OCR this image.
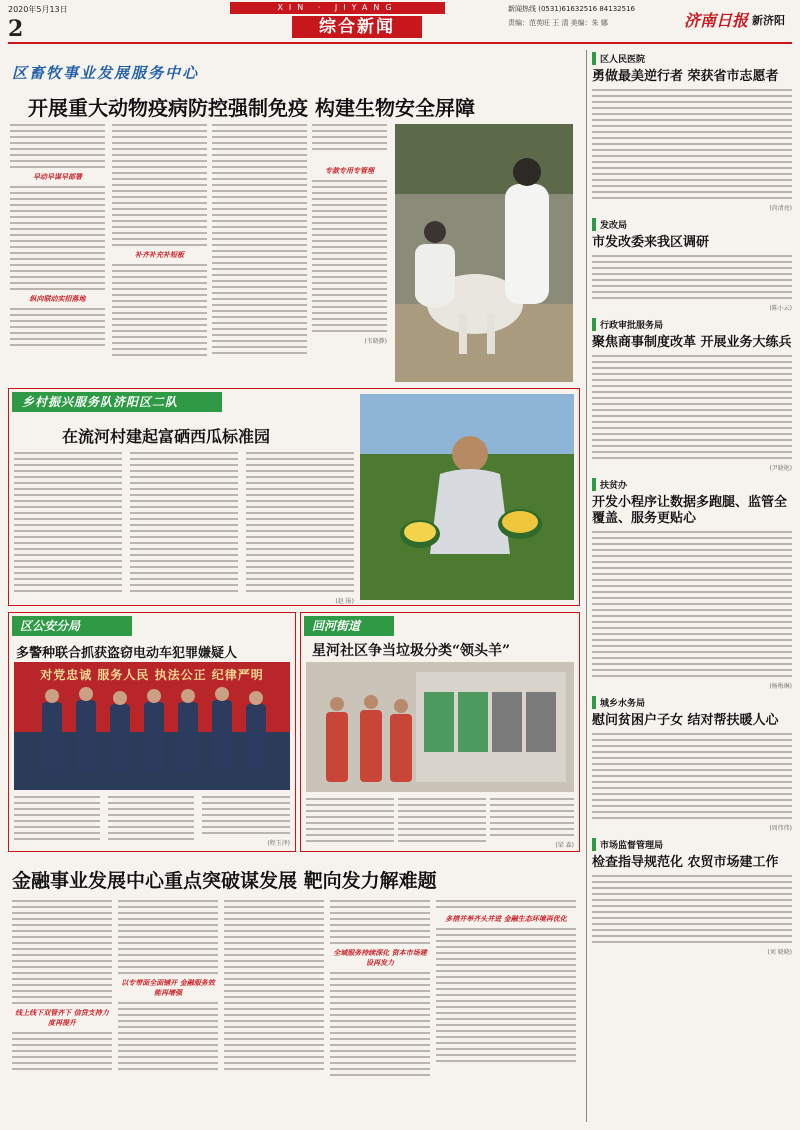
2020年5月13日
2
XIN · JIYANG
综合新闻
新闻热线 (0531)61632516 84132516
责编：范英旺 王 清 美编：朱 娜	济南日报 新济阳
区畜牧事业发展服务中心
开展重大动物疫病防控强制免疫 构建生物安全屏障
早动早谋早部署
纵向联动实招落地
补齐补充补短板
专款专用专管理
(韦晓静)
乡村振兴服务队济阳区二队
在流河村建起富硒西瓜标准园
(赵 报)
区公安分局
多警种联合抓获盗窃电动车犯罪嫌疑人
对党忠诚 服务人民 执法公正 纪律严明
(程玉泽)
回河街道
星河社区争当垃圾分类“领头羊”
(梁 森)
金融事业发展中心重点突破谋发展 靶向发力解难题
线上线下双管齐下 信贷支持力度再提升
以专带面全面铺开 金融服务效能再增强
全域服务持续深化 资本市场建设再发力
多措并举齐头并进 金融生态环境再优化
区人民医院
勇做最美逆行者 荣获省市志愿者
(尚清亮)
发改局
市发改委来我区调研
(陈小云)
行政审批服务局
聚焦商事制度改革 开展业务大练兵
(尹晓艳)
扶贫办
开发小程序让数据多跑腿、监管全覆盖、服务更贴心
(杨梅琳)
城乡水务局
慰问贫困户子女 结对帮扶暖人心
(周伟伟)
市场监督管理局
检查指导规范化 农贸市场建工作
(刘 晓晓)
